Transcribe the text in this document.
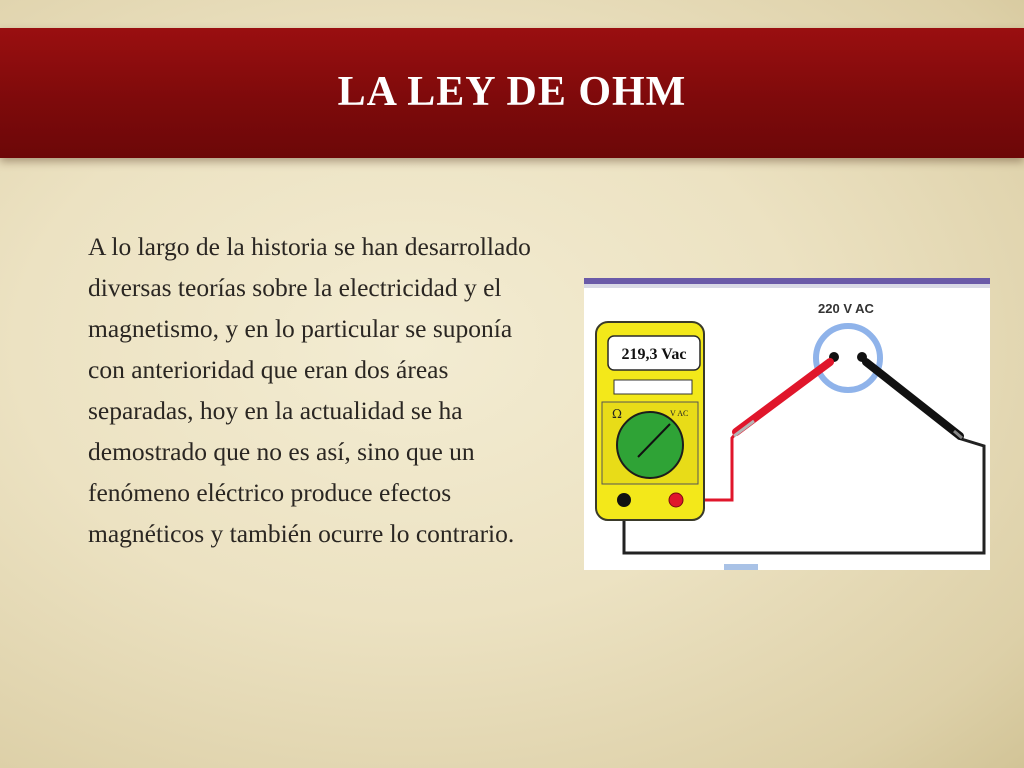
LA LEY DE OHM

A lo largo de la historia se han desarrollado diversas teorías sobre la electricidad y el magnetismo, y en lo particular se suponía con anterioridad que eran dos áreas separadas, hoy en la actualidad se ha demostrado que no es así, sino que un fenómeno eléctrico produce efectos magnéticos y también ocurre lo contrario.

219,3 Vac
Ω	V AC
220 V AC
